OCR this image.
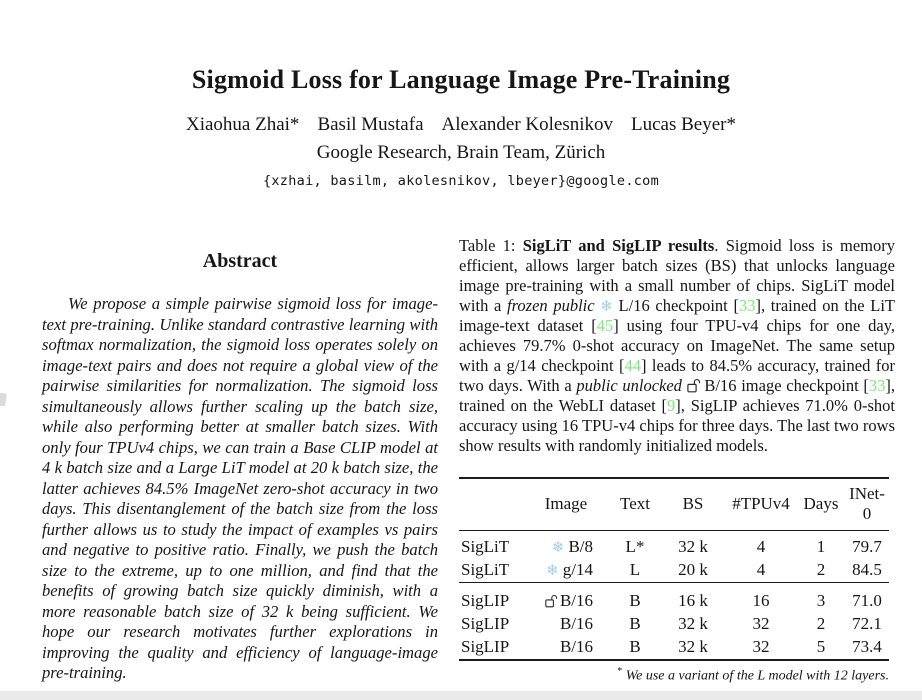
Sigmoid Loss for Language Image Pre-Training
Xiaohua Zhai* Basil Mustafa Alexander Kolesnikov Lucas Beyer*
Google Research, Brain Team, Zürich
{xzhai, basilm, akolesnikov, lbeyer}@google.com
Abstract

We propose a simple pairwise sigmoid loss for image-text pre-training. Unlike standard contrastive learning with softmax normalization, the sigmoid loss operates solely on image-text pairs and does not require a global view of the pairwise similarities for normalization. The sigmoid loss simultaneously allows further scaling up the batch size, while also performing better at smaller batch sizes. With only four TPUv4 chips, we can train a Base CLIP model at 4 k batch size and a Large LiT model at 20 k batch size, the latter achieves 84.5% ImageNet zero-shot accuracy in two days. This disentanglement of the batch size from the loss further allows us to study the impact of examples vs pairs and negative to positive ratio. Finally, we push the batch size to the extreme, up to one million, and find that the benefits of growing batch size quickly diminish, with a more reasonable batch size of 32 k being sufficient. We hope our research motivates further explorations in improving the quality and efficiency of language-image pre-training.

Table 1: SigLiT and SigLIP results. Sigmoid loss is memory efficient, allows larger batch sizes (BS) that unlocks language image pre-training with a small number of chips. SigLiT model with a frozen public ❄ L/16 checkpoint [33], trained on the LiT image-text dataset [45] using four TPU-v4 chips for one day, achieves 79.7% 0-shot accuracy on ImageNet. The same setup with a g/14 checkpoint [44] leads to 84.5% accuracy, trained for two days. With a public unlocked  B/16 image checkpoint [33], trained on the WebLI dataset [9], SigLIP achieves 71.0% 0-shot accuracy using 16 TPU-v4 chips for three days. The last two rows show results with randomly initialized models.

	Image	Text	BS	#TPUv4	Days	INet-0
SigLiT	❄ B/8	L*	32 k	4	1	79.7
SigLiT	❄ g/14	L	20 k	4	2	84.5
SigLIP	B/16	B	16 k	16	3	71.0
SigLIP	B/16	B	32 k	32	2	72.1
SigLIP	B/16	B	32 k	32	5	73.4
* We use a variant of the L model with 12 layers.
